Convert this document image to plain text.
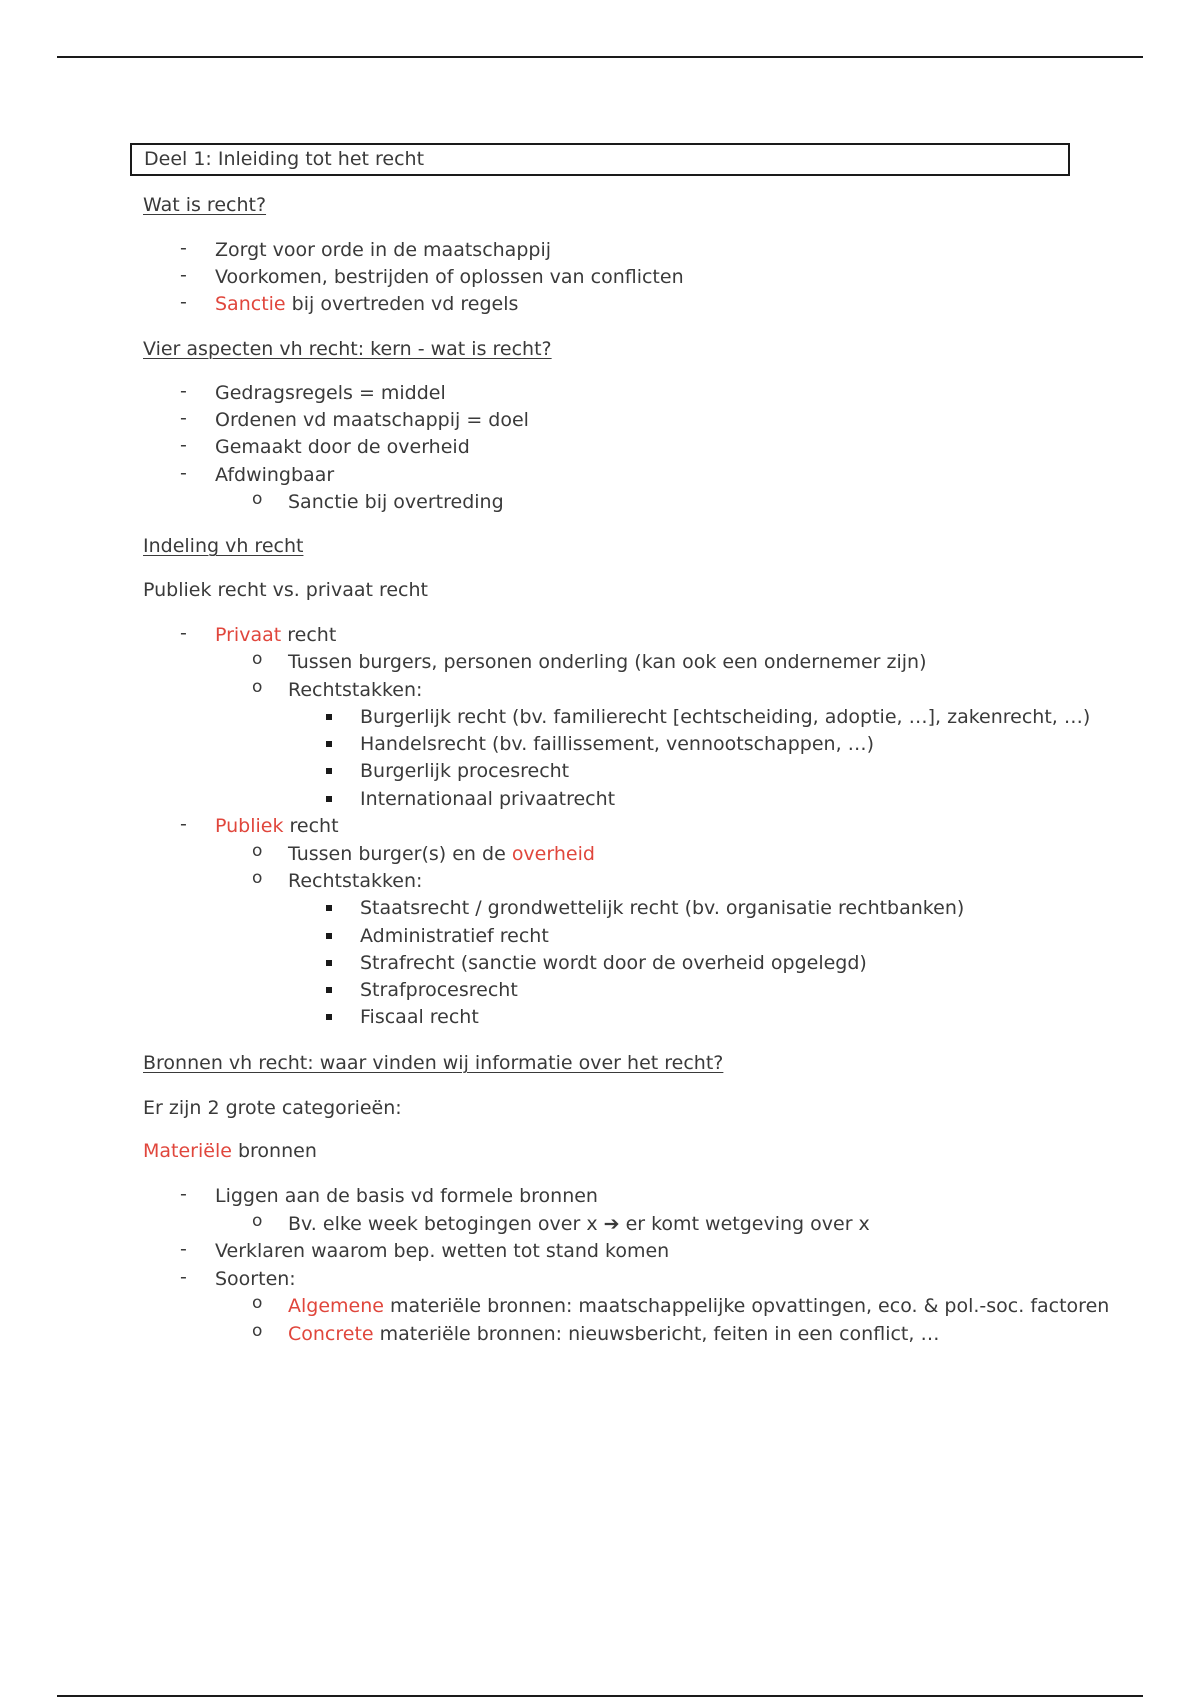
Deel 1: Inleiding tot het recht
Wat is recht?
- Zorgt voor orde in de maatschappij
- Voorkomen, bestrijden of oplossen van conflicten
- Sanctie bij overtreden vd regels
Vier aspecten vh recht: kern - wat is recht?
- Gedragsregels = middel
- Ordenen vd maatschappij = doel
- Gemaakt door de overheid
- Afdwingbaar
o Sanctie bij overtreding
Indeling vh recht
Publiek recht vs. privaat recht
- Privaat recht
o Tussen burgers, personen onderling (kan ook een ondernemer zijn)
o Rechtstakken:
Burgerlijk recht (bv. familierecht [echtscheiding, adoptie, …], zakenrecht, …)
Handelsrecht (bv. faillissement, vennootschappen, …)
Burgerlijk procesrecht
Internationaal privaatrecht
- Publiek recht
o Tussen burger(s) en de overheid
o Rechtstakken:
Staatsrecht / grondwettelijk recht (bv. organisatie rechtbanken)
Administratief recht
Strafrecht (sanctie wordt door de overheid opgelegd)
Strafprocesrecht
Fiscaal recht
Bronnen vh recht: waar vinden wij informatie over het recht?
Er zijn 2 grote categorieën:
Materiële bronnen
- Liggen aan de basis vd formele bronnen
o Bv. elke week betogingen over x ➔ er komt wetgeving over x
- Verklaren waarom bep. wetten tot stand komen
- Soorten:
o Algemene materiële bronnen: maatschappelijke opvattingen, eco. & pol.-soc. factoren
o Concrete materiële bronnen: nieuwsbericht, feiten in een conflict, …
